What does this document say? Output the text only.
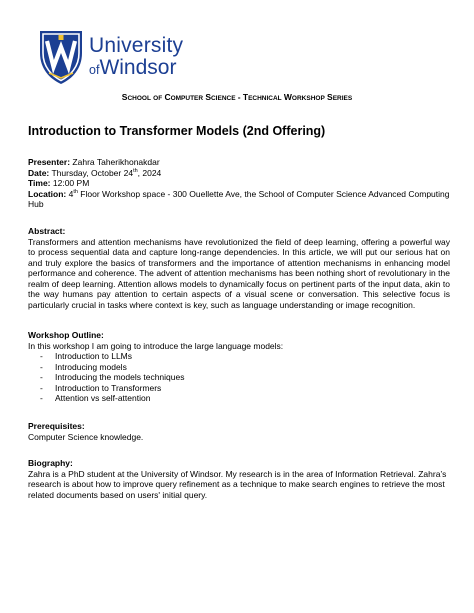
University
ofWindsor
SCHOOL OF COMPUTER SCIENCE - TECHNICAL WORKSHOP SERIES
Introduction to Transformer Models (2nd Offering)
Presenter: Zahra Taherikhonakdar
Date: Thursday, October 24th, 2024
Time: 12:00 PM
Location: 4th Floor Workshop space - 300 Ouellette Ave, the School of Computer Science Advanced Computing
Hub
Abstract:
Transformers and attention mechanisms have revolutionized the field of deep learning, offering a powerful way to process sequential data and capture long-range dependencies. In this article, we will put our serious hat on and truly explore the basics of transformers and the importance of attention mechanisms in enhancing model performance and coherence. The advent of attention mechanisms has been nothing short of revolutionary in the realm of deep learning. Attention allows models to dynamically focus on pertinent parts of the input data, akin to the way humans pay attention to certain aspects of a visual scene or conversation. This selective focus is particularly crucial in tasks where context is key, such as language understanding or image recognition.
Workshop Outline:
In this workshop I am going to introduce the large language models:
- Introduction to LLMs
- Introducing models
- Introducing the models techniques
- Introduction to Transformers
- Attention vs self-attention
Prerequisites:
Computer Science knowledge.
Biography:
Zahra is a PhD student at the University of Windsor. My research is in the area of Information Retrieval. Zahra’s research is about how to improve query refinement as a technique to make search engines to retrieve the most related documents based on users' initial query.
